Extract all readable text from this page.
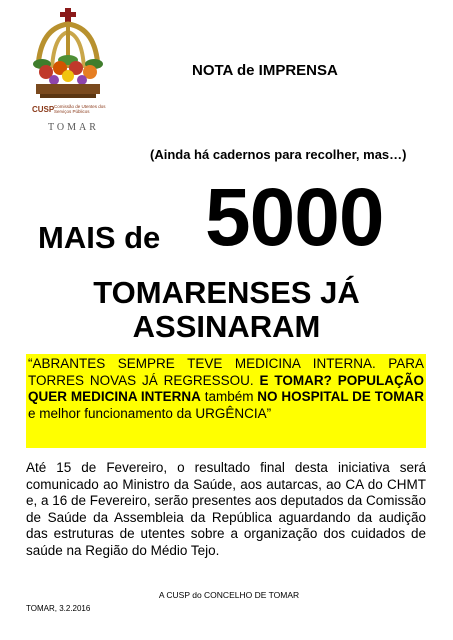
CUSP Comissão de Utentes dos Serviços Públicos
TOMAR
NOTA de IMPRENSA
(Ainda há cadernos para recolher, mas…)
MAIS de 5000
TOMARENSES JÁ
ASSINARAM
“ABRANTES SEMPRE TEVE MEDICINA INTERNA. PARA TORRES NOVAS JÁ REGRESSOU. E TOMAR? POPULAÇÃO QUER MEDICINA INTERNA também NO HOSPITAL DE TOMAR e melhor funcionamento da URGÊNCIA”
Até 15 de Fevereiro, o resultado final desta iniciativa será comunicado ao Ministro da Saúde, aos autarcas, ao CA do CHMT e, a 16 de Fevereiro, serão presentes aos deputados da Comissão de Saúde da Assembleia da República aguardando da audição das estruturas de utentes sobre a organização dos cuidados de saúde na Região do Médio Tejo.
A CUSP do CONCELHO DE TOMAR
TOMAR, 3.2.2016
